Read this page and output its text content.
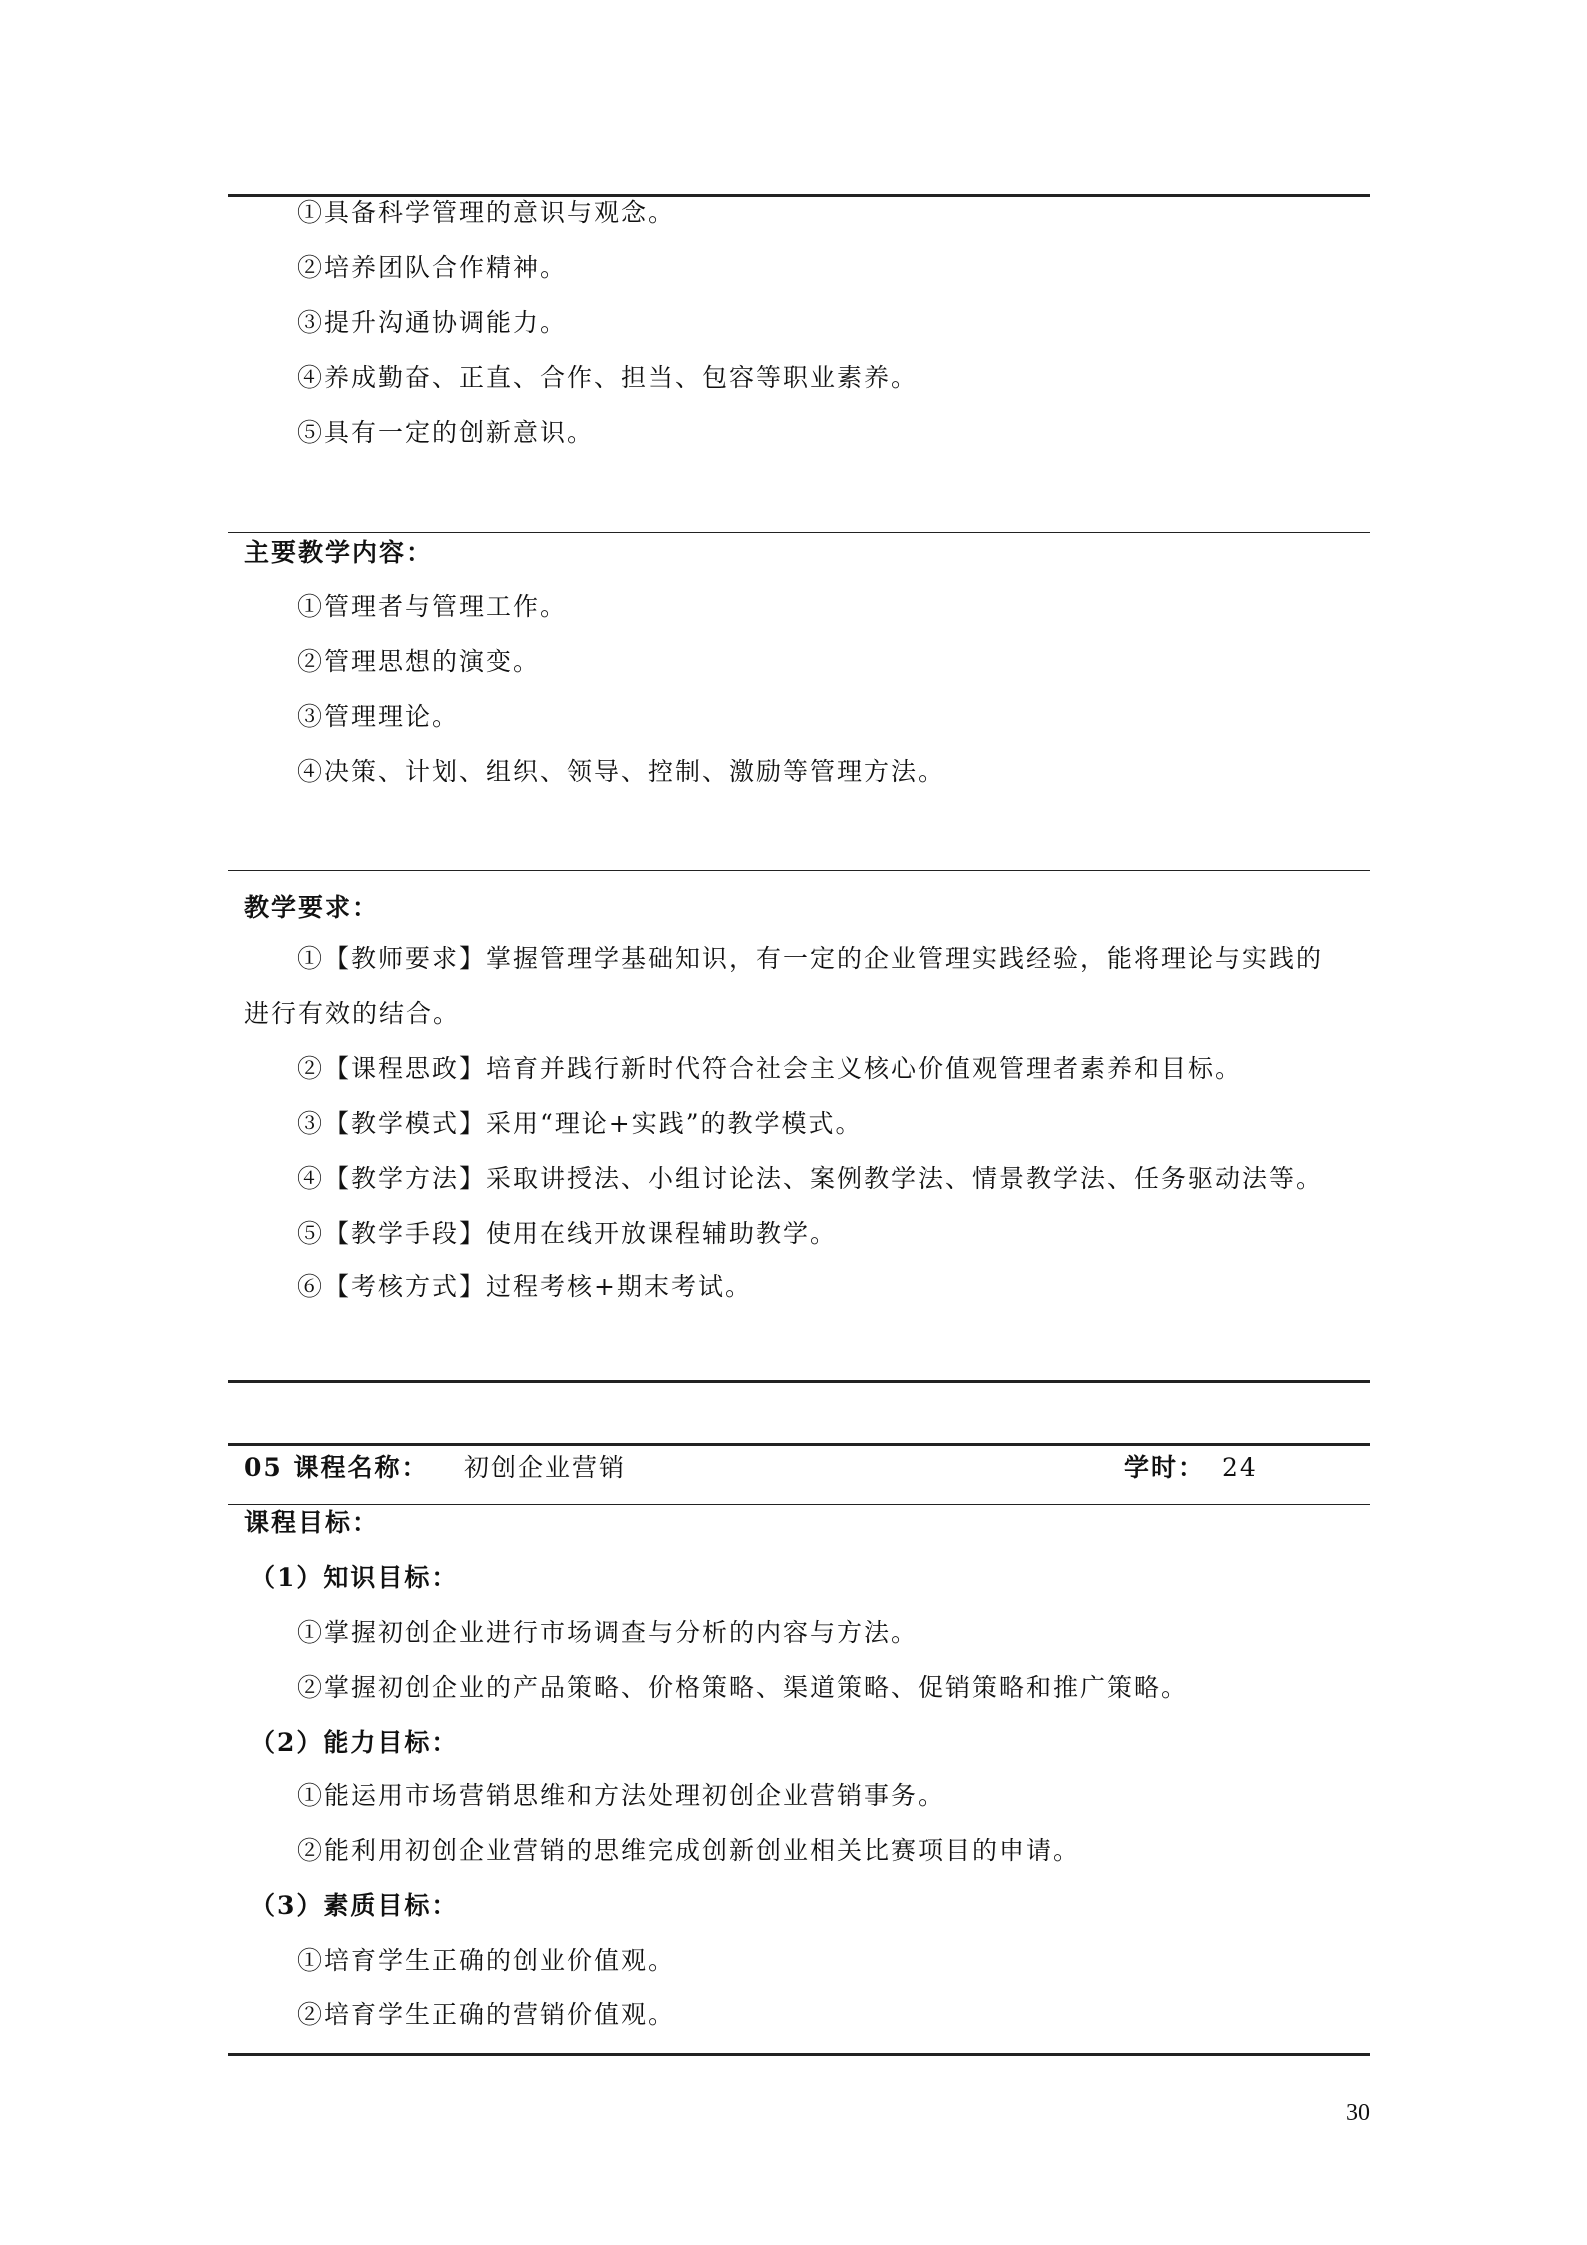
①具备科学管理的意识与观念。
②培养团队合作精神。
③提升沟通协调能力。
④养成勤奋、正直、合作、担当、包容等职业素养。
⑤具有一定的创新意识。
主要教学内容：
①管理者与管理工作。
②管理思想的演变。
③管理理论。
④决策、计划、组织、领导、控制、激励等管理方法。
教学要求：
①【教师要求】掌握管理学基础知识，有一定的企业管理实践经验，能将理论与实践的
进行有效的结合。
②【课程思政】培育并践行新时代符合社会主义核心价值观管理者素养和目标。
③【教学模式】采用“理论+实践”的教学模式。
④【教学方法】采取讲授法、小组讨论法、案例教学法、情景教学法、任务驱动法等。
⑤【教学手段】使用在线开放课程辅助教学。
⑥【考核方式】过程考核+期末考试。
05 课程名称： 初创企业营销	学时： 24
课程目标：
（1）知识目标：
①掌握初创企业进行市场调查与分析的内容与方法。
②掌握初创企业的产品策略、价格策略、渠道策略、促销策略和推广策略。
（2）能力目标：
①能运用市场营销思维和方法处理初创企业营销事务。
②能利用初创企业营销的思维完成创新创业相关比赛项目的申请。
（3）素质目标：
①培育学生正确的创业价值观。
②培育学生正确的营销价值观。
30
